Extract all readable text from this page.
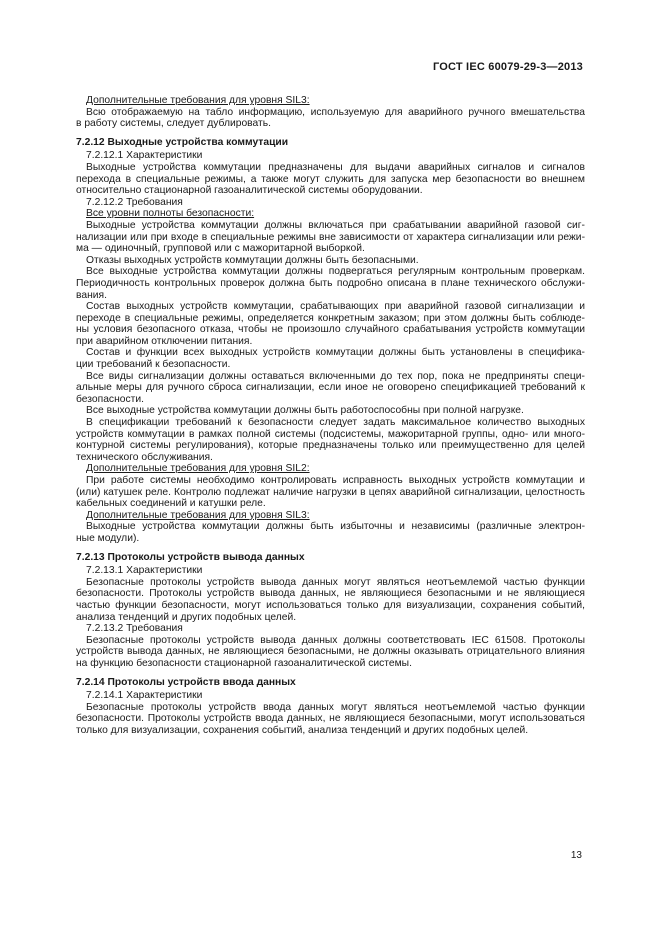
ГОСТ IEC 60079-29-3—2013
Дополнительные требования для уровня SIL3:
Всю отображаемую на табло информацию, используемую для аварийного ручного вмешательства
в работу системы, следует дублировать.
7.2.12 Выходные устройства коммутации
7.2.12.1 Характеристики
Выходные устройства коммутации предназначены для выдачи аварийных сигналов и сигналов
перехода в специальные режимы, а также могут служить для запуска мер безопасности во внешнем
относительно стационарной газоаналитической системы оборудовании.
7.2.12.2 Требования
Все уровни полноты безопасности:
Выходные устройства коммутации должны включаться при срабатывании аварийной газовой сиг-
нализации или при входе в специальные режимы вне зависимости от характера сигнализации или режи-
ма — одиночный, групповой или с мажоритарной выборкой.
Отказы выходных устройств коммутации должны быть безопасными.
Все выходные устройства коммутации должны подвергаться регулярным контрольным проверкам.
Периодичность контрольных проверок должна быть подробно описана в плане технического обслужи-
вания.
Состав выходных устройств коммутации, срабатывающих при аварийной газовой сигнализации и
переходе в специальные режимы, определяется конкретным заказом; при этом должны быть соблюде-
ны условия безопасного отказа, чтобы не произошло случайного срабатывания устройств коммутации
при аварийном отключении питания.
Состав и функции всех выходных устройств коммутации должны быть установлены в специфика-
ции требований к безопасности.
Все виды сигнализации должны оставаться включенными до тех пор, пока не предприняты специ-
альные меры для ручного сброса сигнализации, если иное не оговорено спецификацией требований к
безопасности.
Все выходные устройства коммутации должны быть работоспособны при полной нагрузке.
В спецификации требований к безопасности следует задать максимальное количество выходных
устройств коммутации в рамках полной системы (подсистемы, мажоритарной группы, одно- или много-
контурной системы регулирования), которые предназначены только или преимущественно для целей
технического обслуживания.
Дополнительные требования для уровня SIL2:
При работе системы необходимо контролировать исправность выходных устройств коммутации и
(или) катушек реле. Контролю подлежат наличие нагрузки в цепях аварийной сигнализации, целостность
кабельных соединений и катушки реле.
Дополнительные требования для уровня SIL3:
Выходные устройства коммутации должны быть избыточны и независимы (различные электрон-
ные модули).
7.2.13 Протоколы устройств вывода данных
7.2.13.1 Характеристики
Безопасные протоколы устройств вывода данных могут являться неотъемлемой частью функции
безопасности. Протоколы устройств вывода данных, не являющиеся безопасными и не являющиеся
частью функции безопасности, могут использоваться только для визуализации, сохранения событий,
анализа тенденций и других подобных целей.
7.2.13.2 Требования
Безопасные протоколы устройств вывода данных должны соответствовать IEC 61508. Протоколы
устройств вывода данных, не являющиеся безопасными, не должны оказывать отрицательного влияния
на функцию безопасности стационарной газоаналитической системы.
7.2.14 Протоколы устройств ввода данных
7.2.14.1 Характеристики
Безопасные протоколы устройств ввода данных могут являться неотъемлемой частью функции
безопасности. Протоколы устройств ввода данных, не являющиеся безопасными, могут использоваться
только для визуализации, сохранения событий, анализа тенденций и других подобных целей.
13
